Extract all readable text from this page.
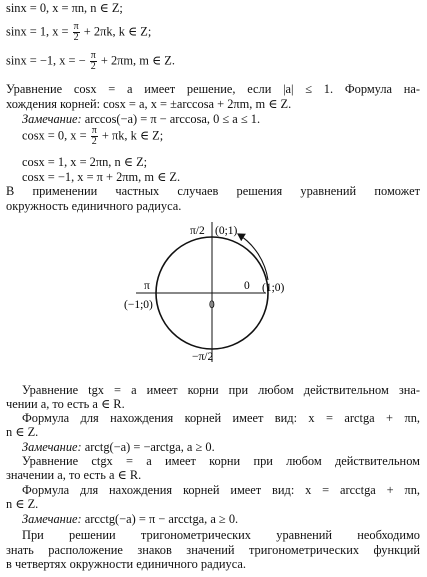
sinx = 0, x = πn, n ∈ Z;
sinx = 1, $x = \frac{\pi}{2} + 2\pi k$, k ∈ Z;
sinx = −1, x = − $\frac{\pi}{2} + 2\pi m$, m ∈ Z.
Уравнение cosx = a имеет решение, если |a| ≤ 1. Формула на-
хождения корней: cosx = a, x = ±arccosa + 2πm, m ∈ Z.
Замечание: arccos(−a) = π − arccosa, 0 ≤ a ≤ 1.
cosx = 0, $x = \frac{\pi}{2} + \pi k$, k ∈ Z;
cosx = 1, x = 2πn, n ∈ Z;
cosx = −1, x = π + 2πm, m ∈ Z.
В применении частных случаев решения уравнений поможет
окружность единичного радиуса.
π/2 (0;1)
π
(−1;0)
0 (1;0)
0
−π/2
Уравнение tgx = a имеет корни при любом действительном зна-
чении a, то есть a ∈ R.
Формула для нахождения корней имеет вид: x = arctga + πn,
n ∈ Z.
Замечание: arctg(−a) = −arctga, a ≥ 0.
Уравнение ctgx = a имеет корни при любом действительном
значении a, то есть a ∈ R.
Формула для нахождения корней имеет вид: x = arcctga + πn,
n ∈ Z.
Замечание: arcctg(−a) = π − arcctga, a ≥ 0.
При решении тригонометрических уравнений необходимо
знать расположение знаков значений тригонометрических функций
в четвертях окружности единичного радиуса.
